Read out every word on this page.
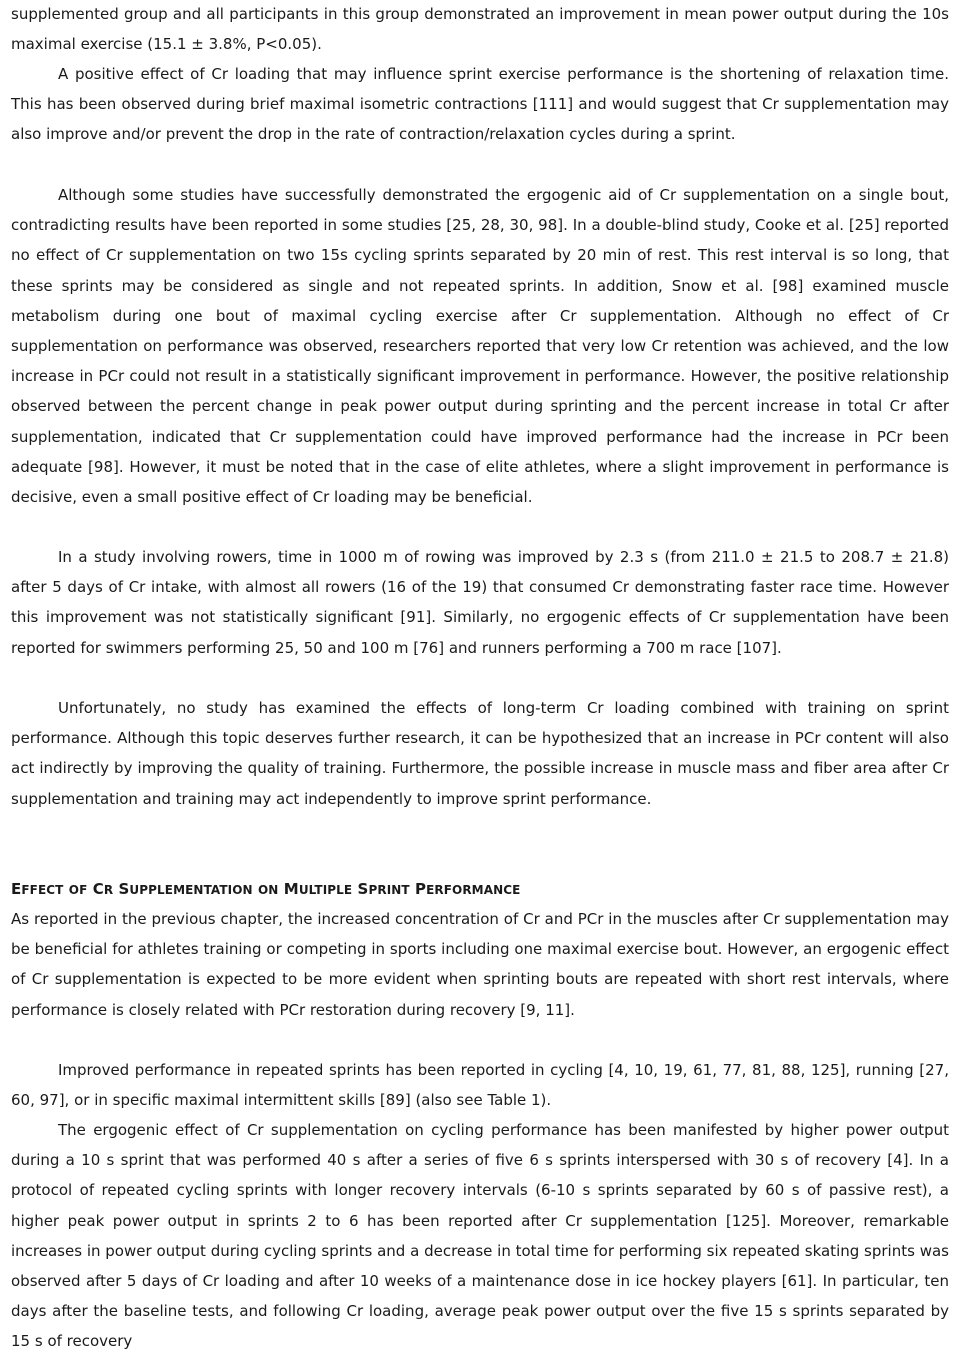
supplemented group and all participants in this group demonstrated an improvement in mean power output during the 10s maximal exercise (15.1 ± 3.8%, P<0.05).

A positive effect of Cr loading that may influence sprint exercise performance is the shortening of relaxation time. This has been observed during brief maximal isometric contractions [111] and would suggest that Cr supplementation may also improve and/or prevent the drop in the rate of contraction/relaxation cycles during a sprint.

Although some studies have successfully demonstrated the ergogenic aid of Cr supplementation on a single bout, contradicting results have been reported in some studies [25, 28, 30, 98]. In a double-blind study, Cooke et al. [25] reported no effect of Cr supplementation on two 15s cycling sprints separated by 20 min of rest. This rest interval is so long, that these sprints may be considered as single and not repeated sprints. In addition, Snow et al. [98] examined muscle metabolism during one bout of maximal cycling exercise after Cr supplementation. Although no effect of Cr supplementation on performance was observed, researchers reported that very low Cr retention was achieved, and the low increase in PCr could not result in a statistically significant improvement in performance. However, the positive relationship observed between the percent change in peak power output during sprinting and the percent increase in total Cr after supplementation, indicated that Cr supplementation could have improved performance had the increase in PCr been adequate [98]. However, it must be noted that in the case of elite athletes, where a slight improvement in performance is decisive, even a small positive effect of Cr loading may be beneficial.

In a study involving rowers, time in 1000 m of rowing was improved by 2.3 s (from 211.0 ± 21.5 to 208.7 ± 21.8) after 5 days of Cr intake, with almost all rowers (16 of the 19) that consumed Cr demonstrating faster race time. However this improvement was not statistically significant [91]. Similarly, no ergogenic effects of Cr supplementation have been reported for swimmers performing 25, 50 and 100 m [76] and runners performing a 700 m race [107].

Unfortunately, no study has examined the effects of long-term Cr loading combined with training on sprint performance. Although this topic deserves further research, it can be hypothesized that an increase in PCr content will also act indirectly by improving the quality of training. Furthermore, the possible increase in muscle mass and fiber area after Cr supplementation and training may act independently to improve sprint performance.

EFFECT OF CR SUPPLEMENTATION ON MULTIPLE SPRINT PERFORMANCE

As reported in the previous chapter, the increased concentration of Cr and PCr in the muscles after Cr supplementation may be beneficial for athletes training or competing in sports including one maximal exercise bout. However, an ergogenic effect of Cr supplementation is expected to be more evident when sprinting bouts are repeated with short rest intervals, where performance is closely related with PCr restoration during recovery [9, 11].

Improved performance in repeated sprints has been reported in cycling [4, 10, 19, 61, 77, 81, 88, 125], running [27, 60, 97], or in specific maximal intermittent skills [89] (also see Table 1).

The ergogenic effect of Cr supplementation on cycling performance has been manifested by higher power output during a 10 s sprint that was performed 40 s after a series of five 6 s sprints interspersed with 30 s of recovery [4]. In a protocol of repeated cycling sprints with longer recovery intervals (6-10 s sprints separated by 60 s of passive rest), a higher peak power output in sprints 2 to 6 has been reported after Cr supplementation [125]. Moreover, remarkable increases in power output during cycling sprints and a decrease in total time for performing six repeated skating sprints was observed after 5 days of Cr loading and after 10 weeks of a maintenance dose in ice hockey players [61]. In particular, ten days after the baseline tests, and following Cr loading, average peak power output over the five 15 s sprints separated by 15 s of recovery
